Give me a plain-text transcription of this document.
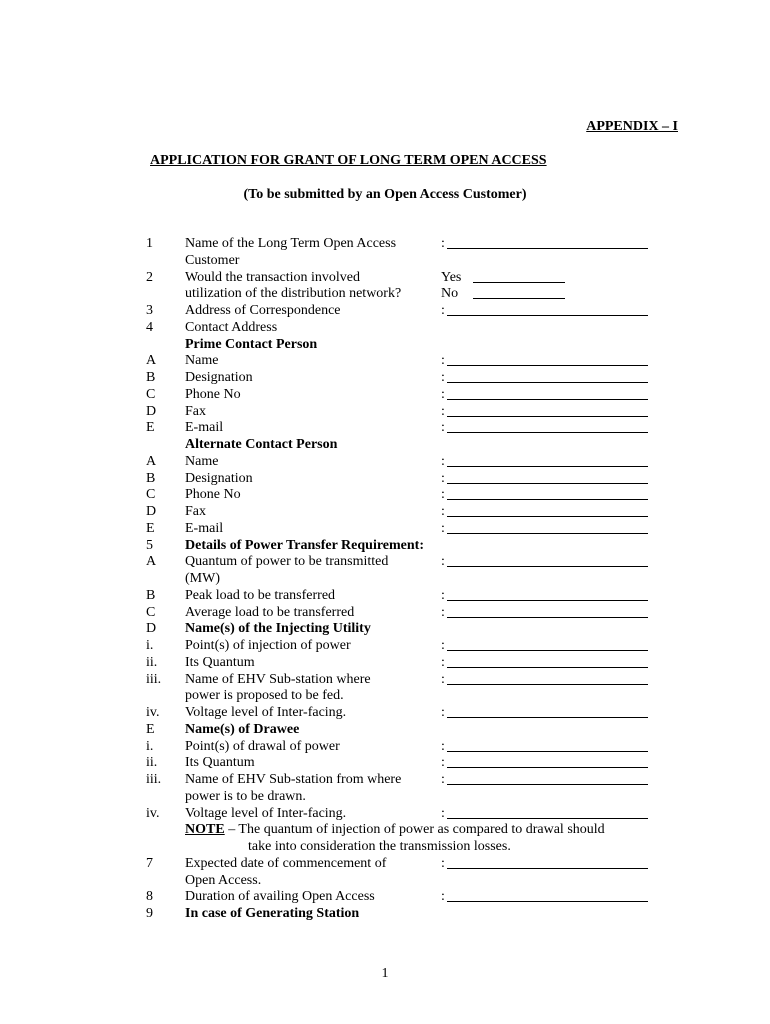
APPENDIX – I
APPLICATION FOR GRANT OF LONG TERM OPEN ACCESS
(To be submitted by an Open Access Customer)
1 Name of the Long Term Open Access	:
Customer
2 Would the transaction involved	Yes
utilization of the distribution network?	No
3 Address of Correspondence	:
4 Contact Address
Prime Contact Person
A Name	:
B Designation	:
C Phone No	:
D Fax	:
E E-mail	:
Alternate Contact Person
A Name	:
B Designation	:
C Phone No	:
D Fax	:
E E-mail	:
5 Details of Power Transfer Requirement:
A Quantum of power to be transmitted	:
(MW)
B Peak load to be transferred	:
C Average load to be transferred	:
D Name(s) of the Injecting Utility
i. Point(s) of injection of power	:
ii. Its Quantum	:
iii. Name of EHV Sub-station where	:
power is proposed to be fed.
iv. Voltage level of Inter-facing.	:
E Name(s) of Drawee
i. Point(s) of drawal of power	:
ii. Its Quantum	:
iii. Name of EHV Sub-station from where	:
power is to be drawn.
iv. Voltage level of Inter-facing.	:
NOTE – The quantum of injection of power as compared to drawal should
take into consideration the transmission losses.
7 Expected date of commencement of	:
Open Access.
8 Duration of availing Open Access	:
9 In case of Generating Station
1
